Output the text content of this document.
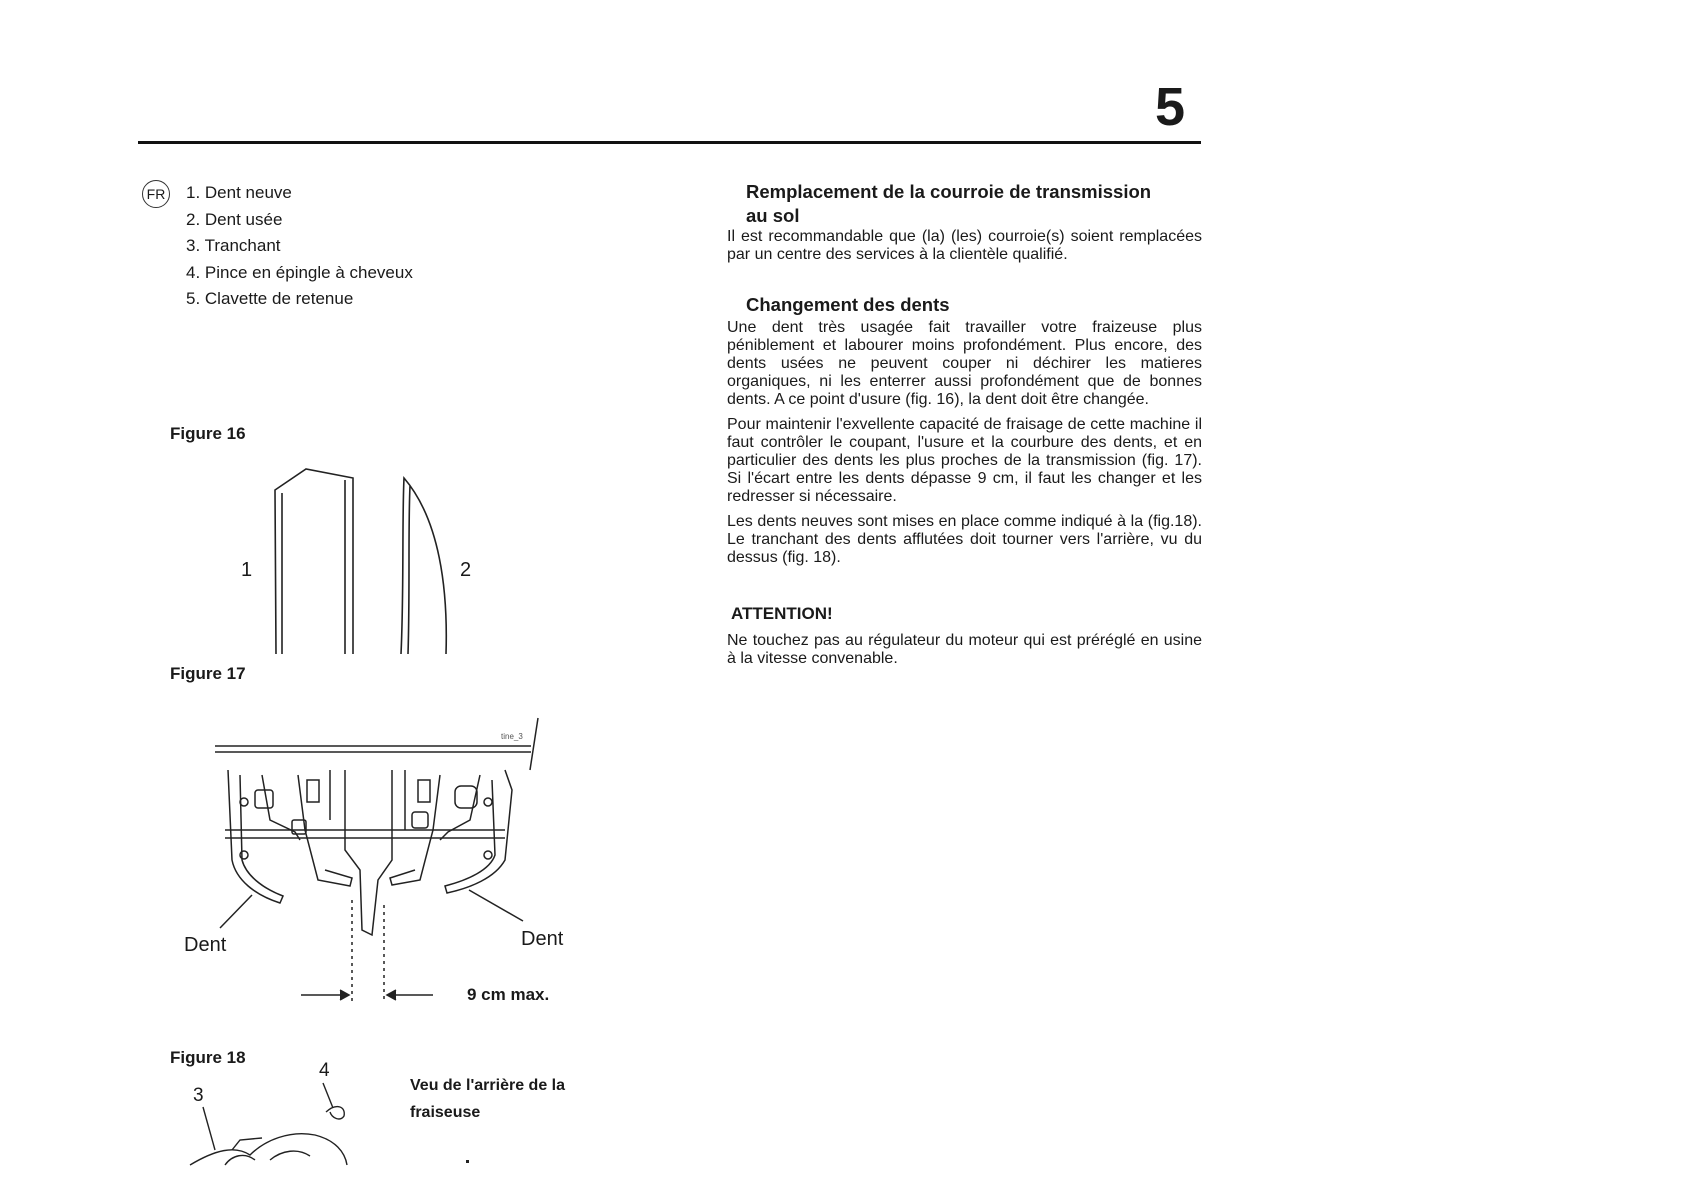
5
FR 1. Dent neuve
2. Dent usée
3. Tranchant
4. Pince en épingle à cheveux
5. Clavette de retenue
Figure 16
1	2
Figure 17
tine_3
Dent	Dent
9 cm max.
Figure 18
3
4
Veu de l'arrière de la
fraiseuse
Remplacement de la courroie de transmission
au sol

Il est recommandable que (la) (les) courroie(s) soient remplacées par un centre des services à la clientèle qualifié.

Changement des dents

Une dent très usagée fait travailler votre fraizeuse plus péniblement et labourer moins profondément. Plus encore, des dents usées ne peuvent couper ni déchirer les matieres organiques, ni les enterrer aussi profondément que de bonnes dents. A ce point d'usure (fig. 16), la dent doit être changée.

Pour maintenir l'exvellente capacité de fraisage de cette machine il faut contrôler le coupant, l'usure et la courbure des dents, et en particulier des dents les plus proches de la transmission (fig. 17). Si l'écart entre les dents dépasse 9 cm, il faut les changer et les redresser si nécessaire.

Les dents neuves sont mises en place comme indiqué à la (fig.18). Le tranchant des dents afflutées doit tourner vers l'arrière, vu du dessus (fig. 18).

ATTENTION!

Ne touchez pas au régulateur du moteur qui est préréglé en usine à la vitesse convenable.
